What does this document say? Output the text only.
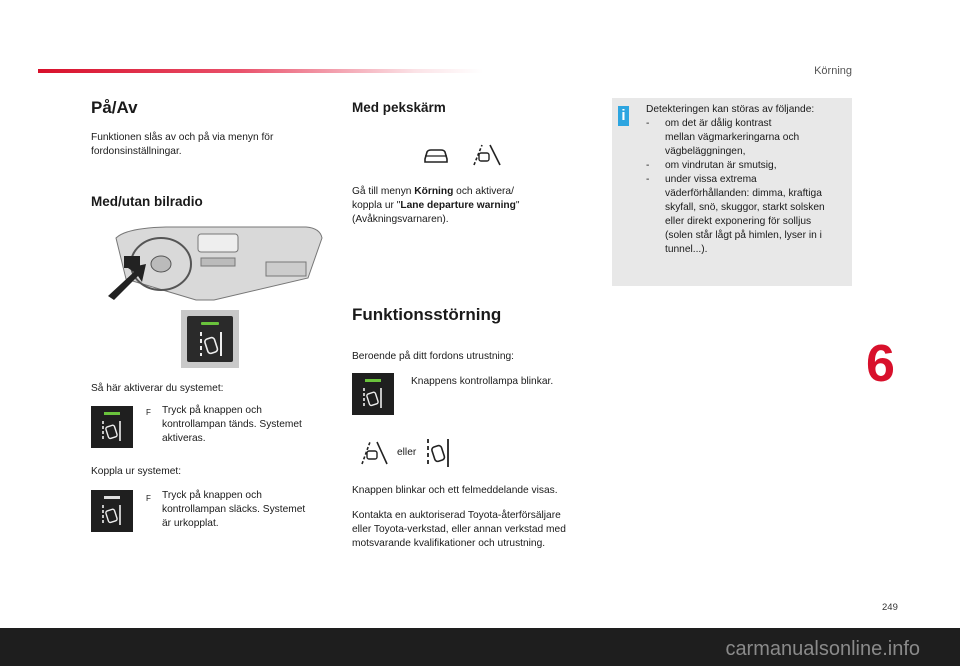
Körning
På/Av
Funktionen slås av och på via menyn för
fordonsinställningar.
Med/utan bilradio
Så här aktiverar du systemet:
F Tryck på knappen och
kontrollampan tänds. Systemet
aktiveras.
Koppla ur systemet:
F Tryck på knappen och
kontrollampan släcks. Systemet
är urkopplat.
Med pekskärm
Gå till menyn Körning och aktivera/
koppla ur "Lane departure warning"
(Avåkningsvarnaren).
Funktionsstörning
Beroende på ditt fordons utrustning:
Knappens kontrollampa blinkar.
eller
Knappen blinkar och ett felmeddelande visas.
Kontakta en auktoriserad Toyota-återförsäljare
eller Toyota-verkstad, eller annan verkstad med
motsvarande kvalifikationer och utrustning.
i	Detekteringen kan störas av följande:
- om det är dålig kontrast
mellan vägmarkeringarna och
vägbeläggningen,
- om vindrutan är smutsig,
- under vissa extrema
väderförhållanden: dimma, kraftiga
skyfall, snö, skuggor, starkt solsken
eller direkt exponering för solljus
(solen står lågt på himlen, lyser in i
tunnel...).
6
249
carmanualsonline.info
